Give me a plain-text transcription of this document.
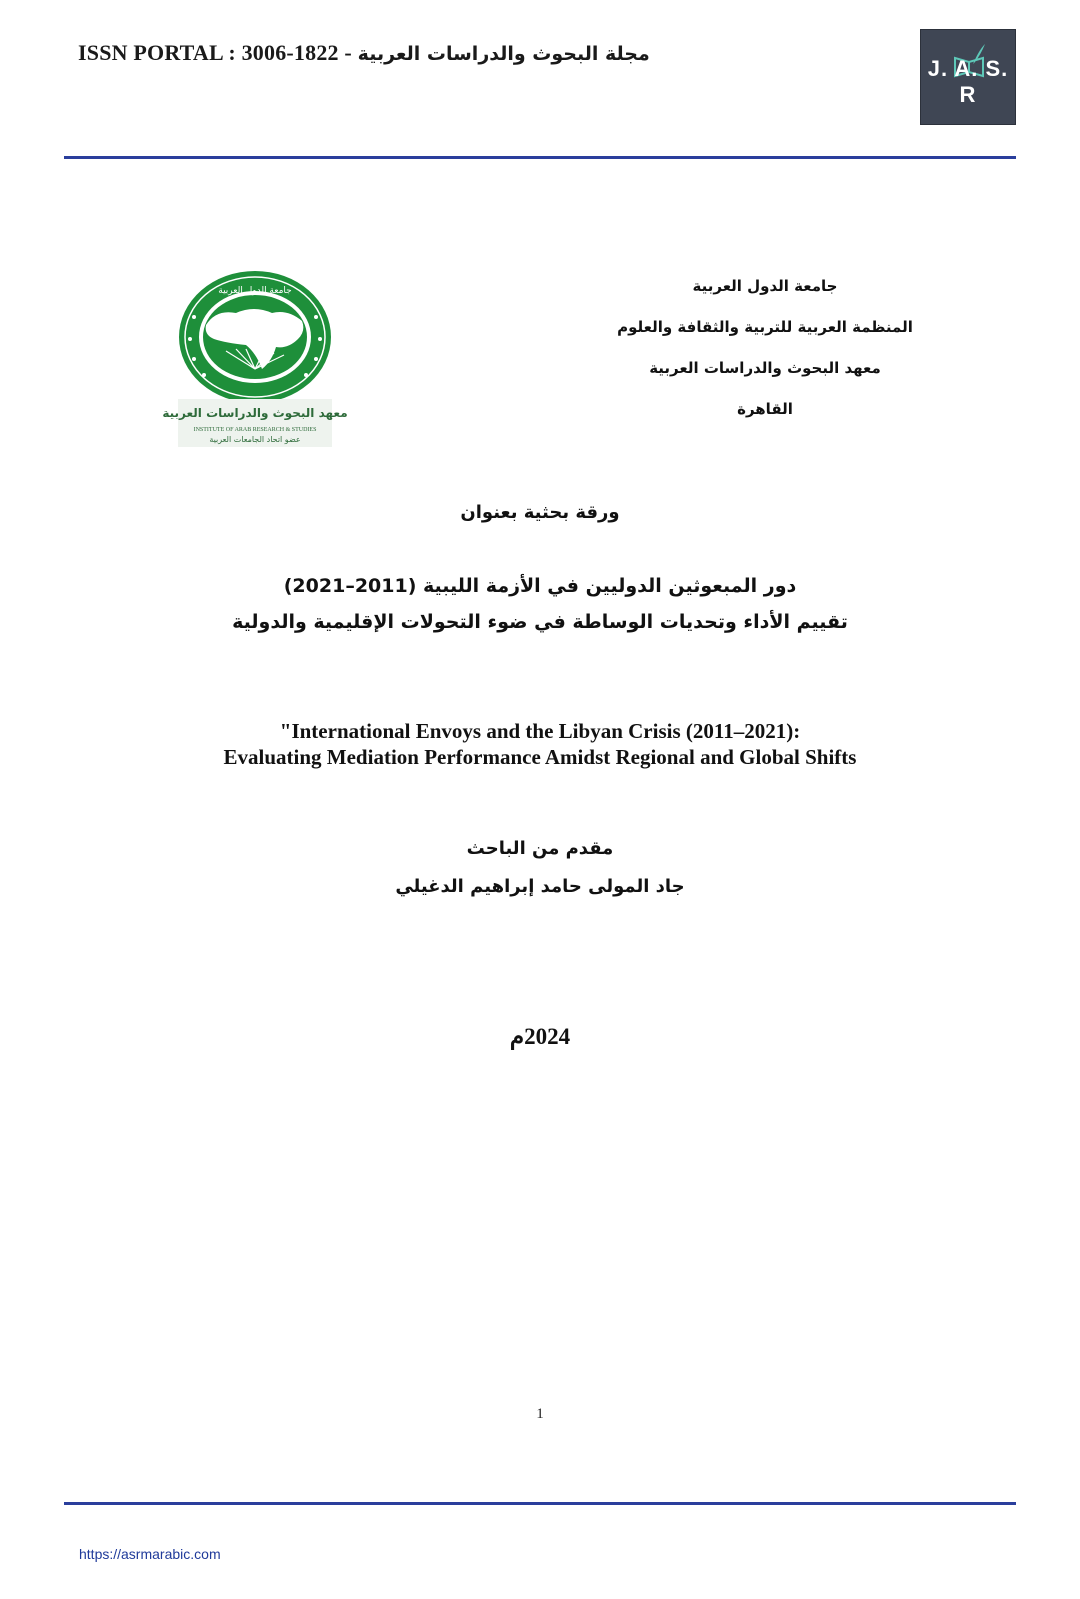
ISSN PORTAL : 3006-1822 - مجلة البحوث والدراسات العربية
J. A. S. R
جامعة الدول العربية
معهد البحوث والدراسات العربية
INSTITUTE OF ARAB RESEARCH & STUDIES
عضو اتحاد الجامعات العربية
جامعة الدول العربية
المنظمة العربية للتربية والثقافة والعلوم
معهد البحوث والدراسات العربية
القاهرة
ورقة بحثية بعنوان
دور المبعوثين الدوليين في الأزمة الليبية (2011–2021)
تقييم الأداء وتحديات الوساطة في ضوء التحولات الإقليمية والدولية
"International Envoys and the Libyan Crisis (2011–2021):
Evaluating Mediation Performance Amidst Regional and Global Shifts
مقدم من الباحث
جاد المولى حامد إبراهيم الدغيلي
2024م
1
https://asrmarabic.com
